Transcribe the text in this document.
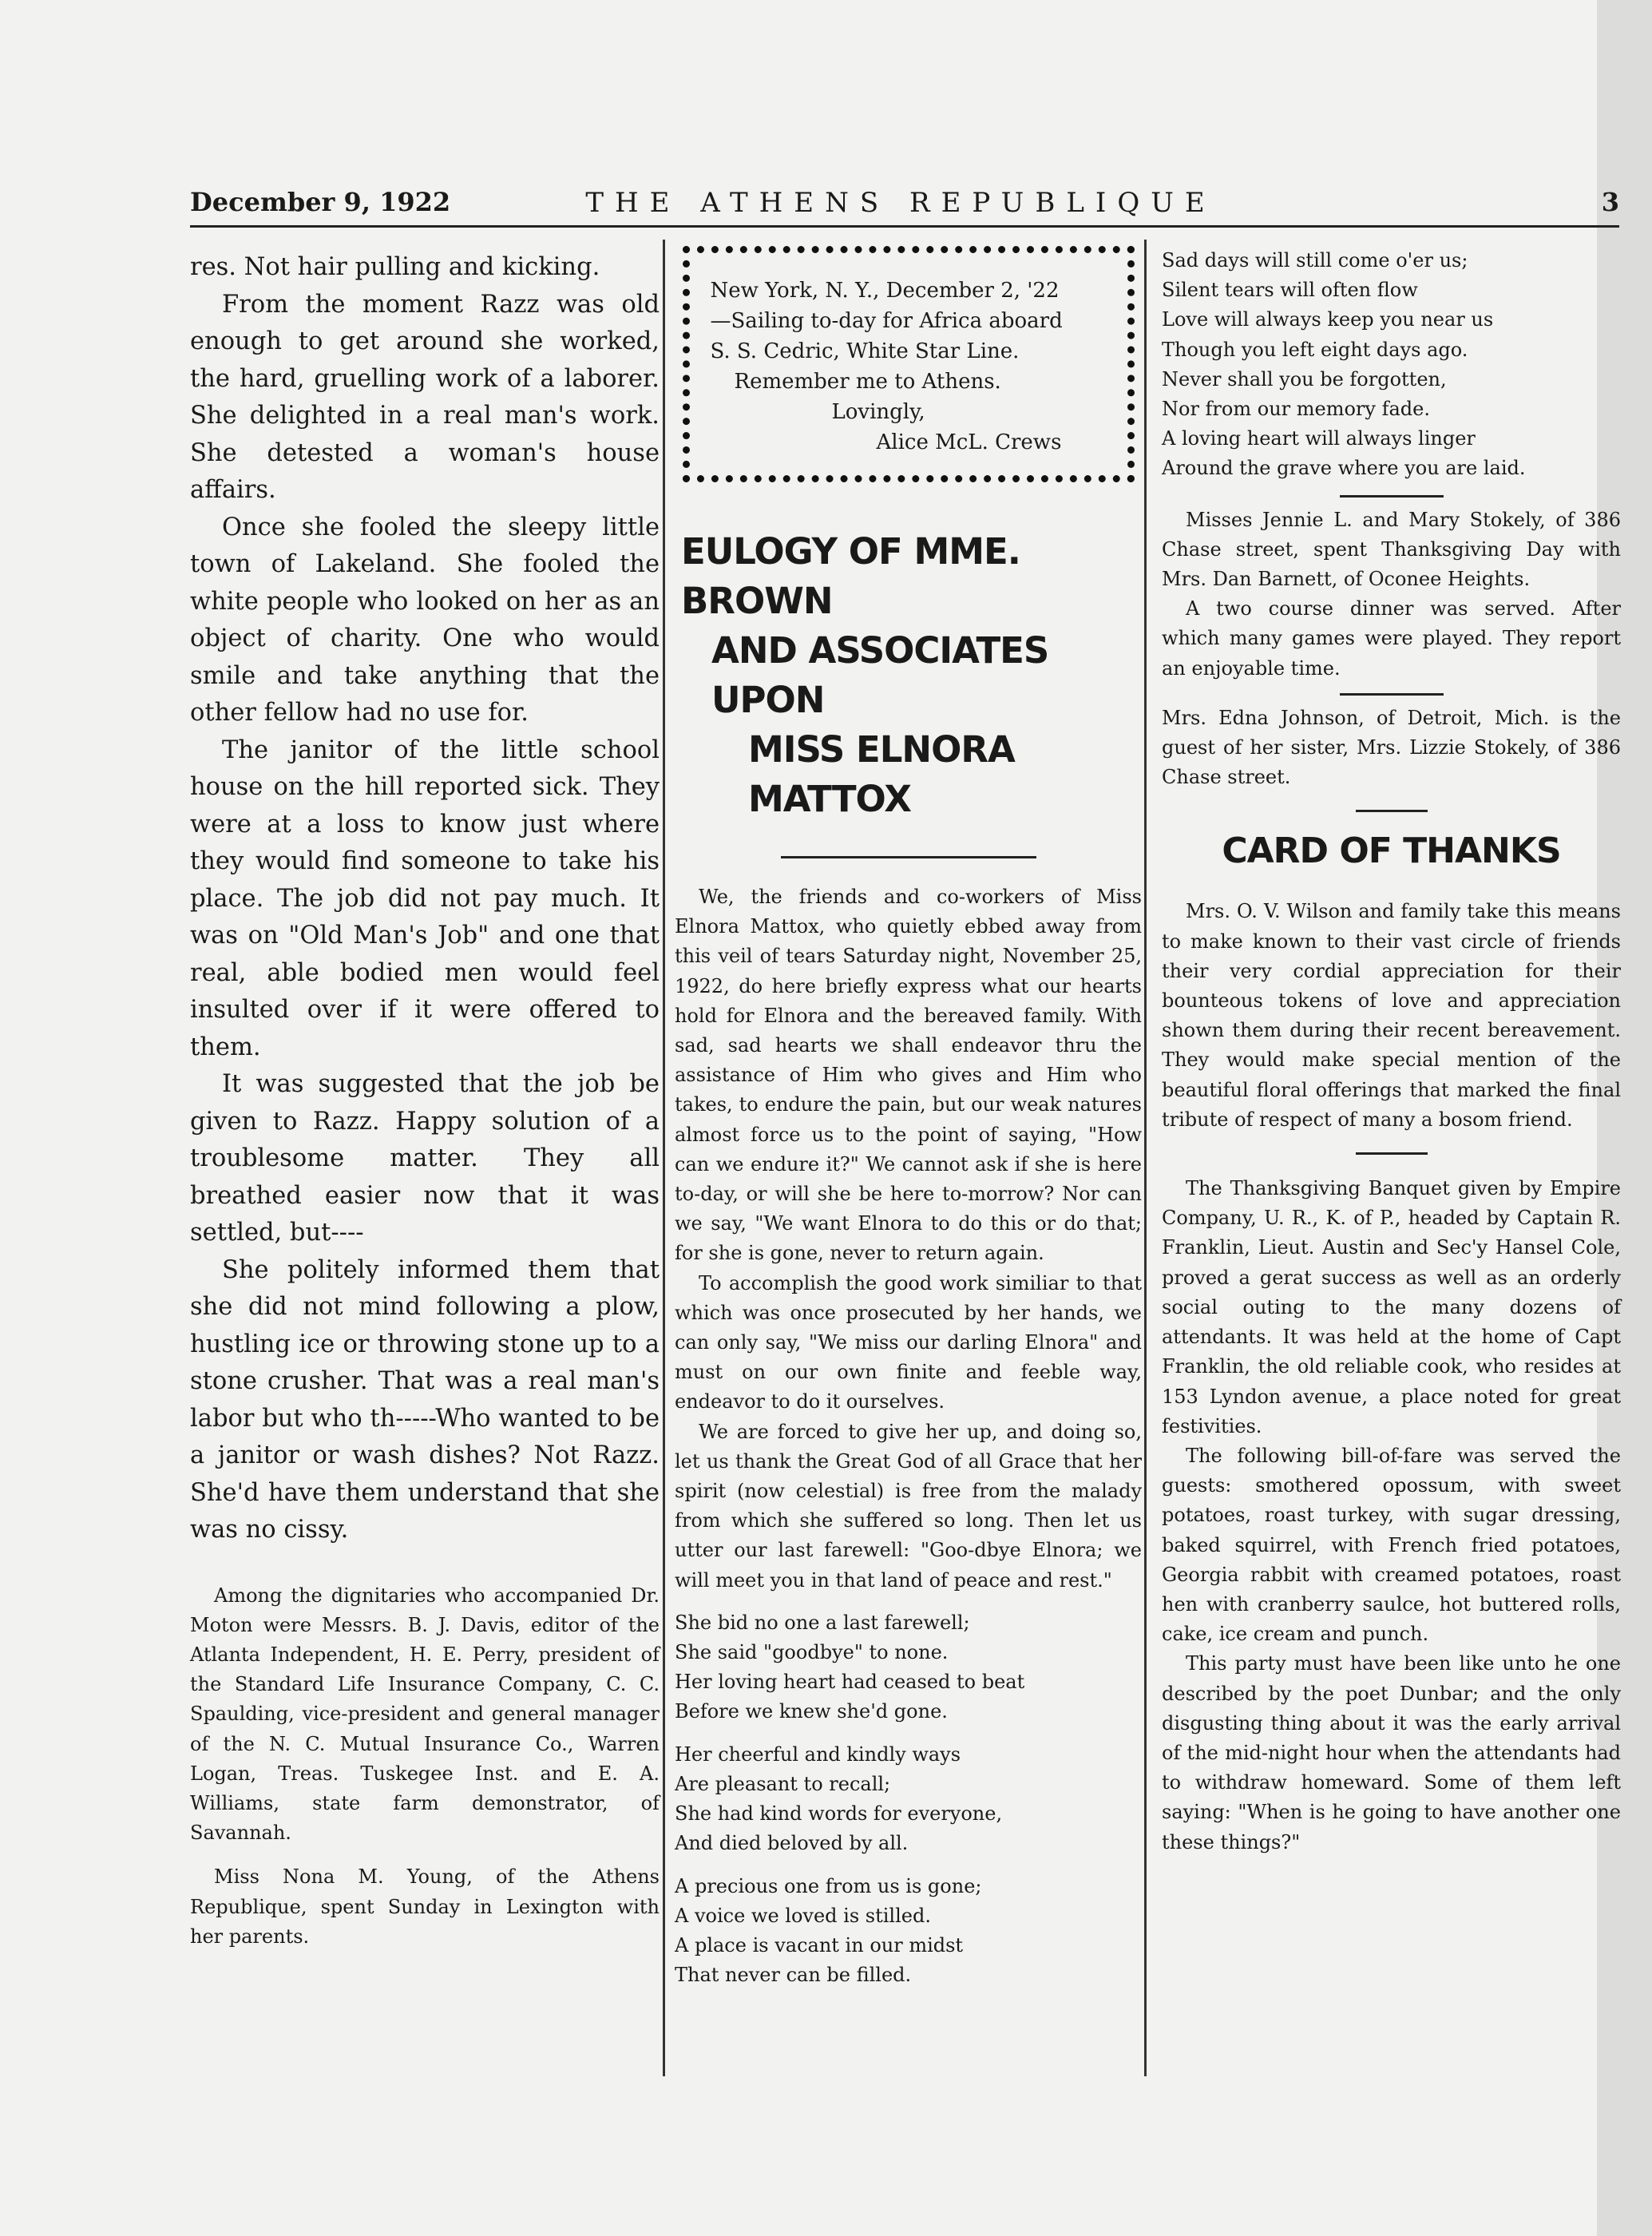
December 9, 1922	THE ATHENS REPUBLIQUE	3

res. Not hair pulling and kicking.

From the moment Razz was old enough to get around she worked, the hard, gruelling work of a laborer. She delighted in a real man's work. She detested a woman's house affairs.

Once she fooled the sleepy little town of Lakeland. She fooled the white people who looked on her as an object of charity. One who would smile and take anything that the other fellow had no use for.

The janitor of the little school house on the hill reported sick. They were at a loss to know just where they would find someone to take his place. The job did not pay much. It was on "Old Man's Job" and one that real, able bodied men would feel insulted over if it were offered to them.

It was suggested that the job be given to Razz. Happy solution of a troublesome matter. They all breathed easier now that it was settled, but----

She politely informed them that she did not mind following a plow, hustling ice or throwing stone up to a stone crusher. That was a real man's labor but who th-----Who wanted to be a janitor or wash dishes? Not Razz. She'd have them understand that she was no cissy.

Among the dignitaries who accompanied Dr. Moton were Messrs. B. J. Davis, editor of the Atlanta Independent, H. E. Perry, president of the Standard Life Insurance Company, C. C. Spaulding, vice-president and general manager of the N. C. Mutual Insurance Co., Warren Logan, Treas. Tuskegee Inst. and E. A. Williams, state farm demonstrator, of Savannah.

Miss Nona M. Young, of the Athens Republique, spent Sunday in Lexington with her parents.

New York, N. Y., December 2, '22
—Sailing to-day for Africa aboard
S. S. Cedric, White Star Line.
Remember me to Athens.
Lovingly,
Alice McL. Crews
EULOGY OF MME. BROWN
AND ASSOCIATES UPON
MISS ELNORA MATTOX

We, the friends and co-workers of Miss Elnora Mattox, who quietly ebbed away from this veil of tears Saturday night, November 25, 1922, do here briefly express what our hearts hold for Elnora and the bereaved family. With sad, sad hearts we shall endeavor thru the assistance of Him who gives and Him who takes, to endure the pain, but our weak natures almost force us to the point of saying, "How can we endure it?" We cannot ask if she is here to-day, or will she be here to-morrow? Nor can we say, "We want Elnora to do this or do that; for she is gone, never to return again.

To accomplish the good work similiar to that which was once prosecuted by her hands, we can only say, "We miss our darling Elnora" and must on our own finite and feeble way, endeavor to do it ourselves.

We are forced to give her up, and doing so, let us thank the Great God of all Grace that her spirit (now celestial) is free from the malady from which she suffered so long. Then let us utter our last farewell: "Goo-dbye Elnora; we will meet you in that land of peace and rest."

She bid no one a last farewell;
She said "goodbye" to none.
Her loving heart had ceased to beat
Before we knew she'd gone.
Her cheerful and kindly ways
Are pleasant to recall;
She had kind words for everyone,
And died beloved by all.
A precious one from us is gone;
A voice we loved is stilled.
A place is vacant in our midst
That never can be filled.
Sad days will still come o'er us;
Silent tears will often flow
Love will always keep you near us
Though you left eight days ago.
Never shall you be forgotten,
Nor from our memory fade.
A loving heart will always linger
Around the grave where you are laid.

Misses Jennie L. and Mary Stokely, of 386 Chase street, spent Thanksgiving Day with Mrs. Dan Barnett, of Oconee Heights.

A two course dinner was served. After which many games were played. They report an enjoyable time.

Mrs. Edna Johnson, of Detroit, Mich. is the guest of her sister, Mrs. Lizzie Stokely, of 386 Chase street.

CARD OF THANKS

Mrs. O. V. Wilson and family take this means to make known to their vast circle of friends their very cordial appreciation for their bounteous tokens of love and appreciation shown them during their recent bereavement. They would make special mention of the beautiful floral offerings that marked the final tribute of respect of many a bosom friend.

The Thanksgiving Banquet given by Empire Company, U. R., K. of P., headed by Captain R. Franklin, Lieut. Austin and Sec'y Hansel Cole, proved a gerat success as well as an orderly social outing to the many dozens of attendants. It was held at the home of Capt Franklin, the old reliable cook, who resides at 153 Lyndon avenue, a place noted for great festivities.

The following bill-of-fare was served the guests: smothered opossum, with sweet potatoes, roast turkey, with sugar dressing, baked squirrel, with French fried potatoes, Georgia rabbit with creamed potatoes, roast hen with cranberry saulce, hot buttered rolls, cake, ice cream and punch.

This party must have been like unto he one described by the poet Dunbar; and the only disgusting thing about it was the early arrival of the mid-night hour when the attendants had to withdraw homeward. Some of them left saying: "When is he going to have another one these things?"
